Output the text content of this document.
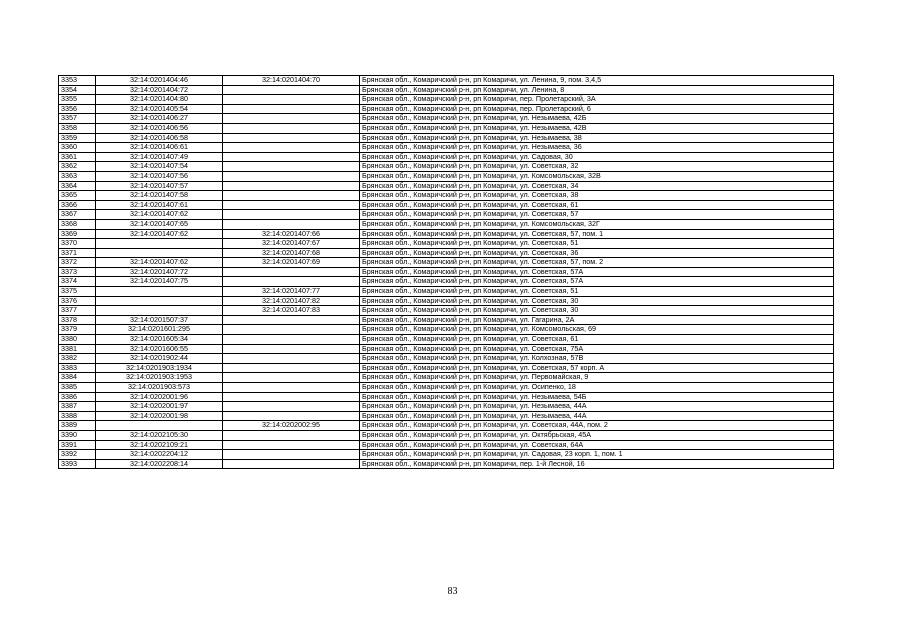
3353	32:14:0201404:46	32:14:0201404:70	Брянская обл., Комаричский р-н, рп Комаричи, ул. Ленина, 9, пом. 3,4,5
3354	32:14:0201404:72		Брянская обл., Комаричский р-н, рп Комаричи, ул. Ленина, 8
3355	32:14:0201404:80		Брянская обл., Комаричский р-н, рп Комаричи, пер. Пролетарский, 3А
3356	32:14:0201405:54		Брянская обл., Комаричский р-н, рп Комаричи, пер. Пролетарский, 6
3357	32:14:0201406:27		Брянская обл., Комаричский р-н, рп Комаричи, ул. Незымаева, 42Б
3358	32:14:0201406:56		Брянская обл., Комаричский р-н, рп Комаричи, ул. Незымаева, 42В
3359	32:14:0201406:58		Брянская обл., Комаричский р-н, рп Комаричи, ул. Незымаева, 38
3360	32:14:0201406:61		Брянская обл., Комаричский р-н, рп Комаричи, ул. Незымаева, 36
3361	32:14:0201407:49		Брянская обл., Комаричский р-н, рп Комаричи, ул. Садовая, 30
3362	32:14:0201407:54		Брянская обл., Комаричский р-н, рп Комаричи, ул. Советская, 32
3363	32:14:0201407:56		Брянская обл., Комаричский р-н, рп Комаричи, ул. Комсомольская, 32В
3364	32:14:0201407:57		Брянская обл., Комаричский р-н, рп Комаричи, ул. Советская, 34
3365	32:14:0201407:58		Брянская обл., Комаричский р-н, рп Комаричи, ул. Советская, 38
3366	32:14:0201407:61		Брянская обл., Комаричский р-н, рп Комаричи, ул. Советская, 61
3367	32:14:0201407:62		Брянская обл., Комаричский р-н, рп Комаричи, ул. Советская, 57
3368	32:14:0201407:65		Брянская обл., Комаричский р-н, рп Комаричи, ул. Комсомольская, 32Г
3369	32:14:0201407:62	32:14:0201407:66	Брянская обл., Комаричский р-н, рп Комаричи, ул. Советская, 57, пом. 1
3370		32:14:0201407:67	Брянская обл., Комаричский р-н, рп Комаричи, ул. Советская, 51
3371		32:14:0201407:68	Брянская обл., Комаричский р-н, рп Комаричи, ул. Советская, 36
3372	32:14:0201407:62	32:14:0201407:69	Брянская обл., Комаричский р-н, рп Комаричи, ул. Советская, 57, пом. 2
3373	32:14:0201407:72		Брянская обл., Комаричский р-н, рп Комаричи, ул. Советская, 57А
3374	32:14:0201407:75		Брянская обл., Комаричский р-н, рп Комаричи, ул. Советская, 57А
3375		32:14:0201407:77	Брянская обл., Комаричский р-н, рп Комаричи, ул. Советская, 51
3376		32:14:0201407:82	Брянская обл., Комаричский р-н, рп Комаричи, ул. Советская, 30
3377		32:14:0201407:83	Брянская обл., Комаричский р-н, рп Комаричи, ул. Советская, 30
3378	32:14:0201507:37		Брянская обл., Комаричский р-н, рп Комаричи, ул. Гагарина, 2А
3379	32:14:0201601:295		Брянская обл., Комаричский р-н, рп Комаричи, ул. Комсомольская, 69
3380	32:14:0201605:34		Брянская обл., Комаричский р-н, рп Комаричи, ул. Советская, 61
3381	32:14:0201606:55		Брянская обл., Комаричский р-н, рп Комаричи, ул. Советская, 75А
3382	32:14:0201902:44		Брянская обл., Комаричский р-н, рп Комаричи, ул. Колхозная, 57В
3383	32:14:0201903:1934		Брянская обл., Комаричский р-н, рп Комаричи, ул. Советская, 57 корп. А
3384	32:14:0201903:1953		Брянская обл., Комаричский р-н, рп Комаричи, ул. Первомайская, 9
3385	32:14:0201903:573		Брянская обл., Комаричский р-н, рп Комаричи, ул. Осипенко, 18
3386	32:14:0202001:96		Брянская обл., Комаричский р-н, рп Комаричи, ул. Незымаева, 54Б
3387	32:14:0202001:97		Брянская обл., Комаричский р-н, рп Комаричи, ул. Незымаева, 44А
3388	32:14:0202001:98		Брянская обл., Комаричский р-н, рп Комаричи, ул. Незымаева, 44А
3389		32:14:0202002:95	Брянская обл., Комаричский р-н, рп Комаричи, ул. Советская, 44А, пом. 2
3390	32:14:0202105:30		Брянская обл., Комаричский р-н, рп Комаричи, ул. Октябрьская, 45А
3391	32:14:0202109:21		Брянская обл., Комаричский р-н, рп Комаричи, ул. Советская, 64А
3392	32:14:0202204:12		Брянская обл., Комаричский р-н, рп Комаричи, ул. Садовая, 23 корп. 1, пом. 1
3393	32:14:0202208:14		Брянская обл., Комаричский р-н, рп Комаричи, пер. 1-й Лесной, 16
83
